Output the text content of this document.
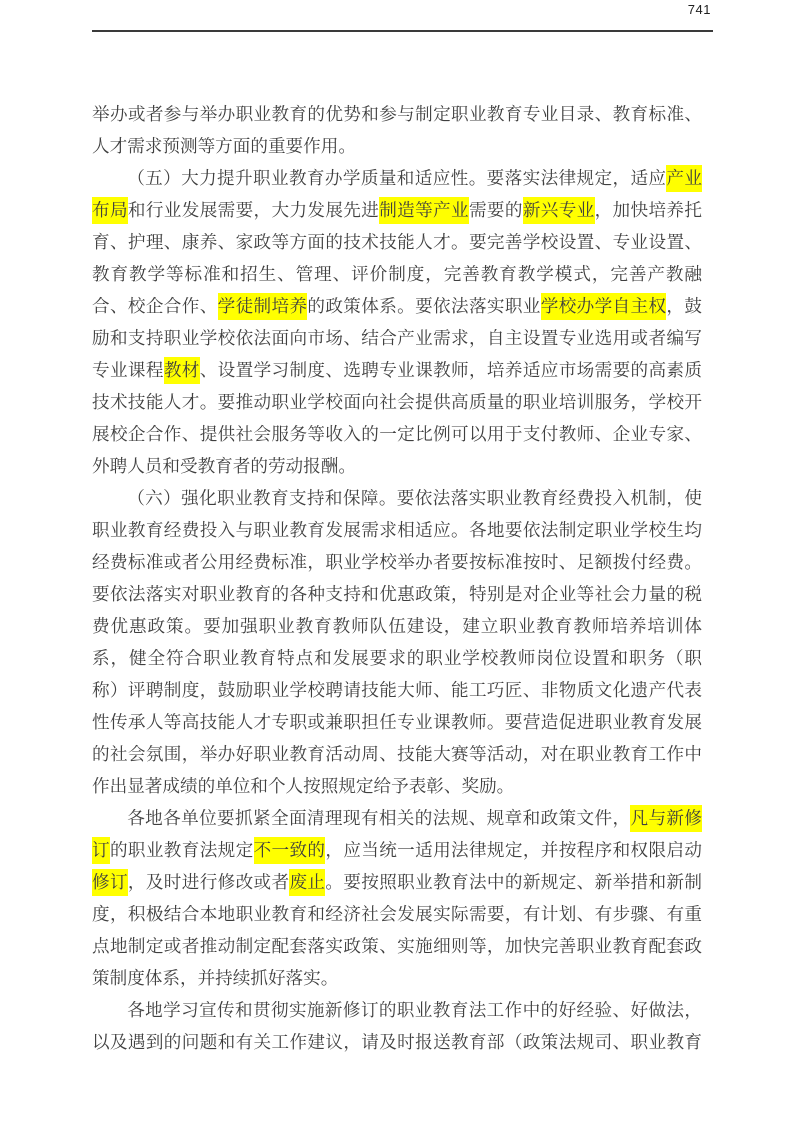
741
举办或者参与举办职业教育的优势和参与制定职业教育专业目录、教育标准、
人才需求预测等方面的重要作用。
（五）大力提升职业教育办学质量和适应性。要落实法律规定，适应产业
布局和行业发展需要，大力发展先进制造等产业需要的新兴专业，加快培养托
育、护理、康养、家政等方面的技术技能人才。要完善学校设置、专业设置、
教育教学等标准和招生、管理、评价制度，完善教育教学模式，完善产教融
合、校企合作、学徒制培养的政策体系。要依法落实职业学校办学自主权，鼓
励和支持职业学校依法面向市场、结合产业需求，自主设置专业选用或者编写
专业课程教材、设置学习制度、选聘专业课教师，培养适应市场需要的高素质
技术技能人才。要推动职业学校面向社会提供高质量的职业培训服务，学校开
展校企合作、提供社会服务等收入的一定比例可以用于支付教师、企业专家、
外聘人员和受教育者的劳动报酬。
（六）强化职业教育支持和保障。要依法落实职业教育经费投入机制，使
职业教育经费投入与职业教育发展需求相适应。各地要依法制定职业学校生均
经费标准或者公用经费标准，职业学校举办者要按标准按时、足额拨付经费。
要依法落实对职业教育的各种支持和优惠政策，特别是对企业等社会力量的税
费优惠政策。要加强职业教育教师队伍建设，建立职业教育教师培养培训体
系，健全符合职业教育特点和发展要求的职业学校教师岗位设置和职务（职
称）评聘制度，鼓励职业学校聘请技能大师、能工巧匠、非物质文化遗产代表
性传承人等高技能人才专职或兼职担任专业课教师。要营造促进职业教育发展
的社会氛围，举办好职业教育活动周、技能大赛等活动，对在职业教育工作中
作出显著成绩的单位和个人按照规定给予表彰、奖励。
各地各单位要抓紧全面清理现有相关的法规、规章和政策文件，凡与新修
订的职业教育法规定不一致的，应当统一适用法律规定，并按程序和权限启动
修订，及时进行修改或者废止。要按照职业教育法中的新规定、新举措和新制
度，积极结合本地职业教育和经济社会发展实际需要，有计划、有步骤、有重
点地制定或者推动制定配套落实政策、实施细则等，加快完善职业教育配套政
策制度体系，并持续抓好落实。
各地学习宣传和贯彻实施新修订的职业教育法工作中的好经验、好做法，
以及遇到的问题和有关工作建议，请及时报送教育部（政策法规司、职业教育
